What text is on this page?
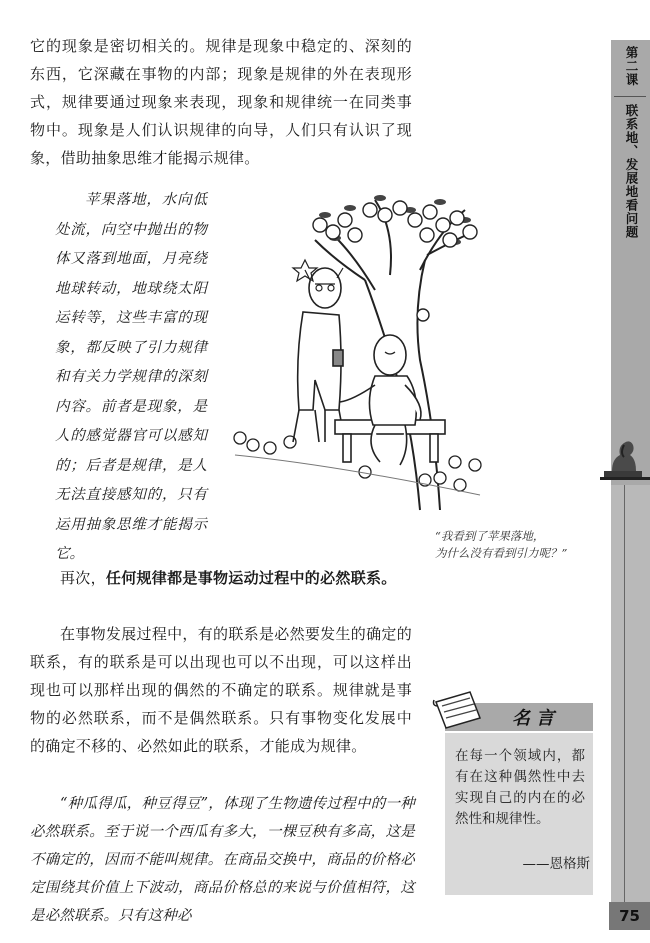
第二课
联系地、发展地看问题
75
它的现象是密切相关的。规律是现象中稳定的、深刻的东西，它深藏在事物的内部；现象是规律的外在表现形式，规律要通过现象来表现，现象和规律统一在同类事物中。现象是人们认识规律的向导，人们只有认识了现象，借助抽象思维才能揭示规律。
苹果落地，水向低处流，向空中抛出的物体又落到地面，月亮绕地球转动，地球绕太阳运转等，这些丰富的现象，都反映了引力规律和有关力学规律的深刻内容。前者是现象，是人的感觉器官可以感知的；后者是规律，是人无法直接感知的，只有运用抽象思维才能揭示它。
“我看到了苹果落地，
为什么没有看到引力呢？”
再次，任何规律都是事物运动过程中的必然联系。
在事物发展过程中，有的联系是必然要发生的确定的联系，有的联系是可以出现也可以不出现，可以这样出现也可以那样出现的偶然的不确定的联系。规律就是事物的必然联系，而不是偶然联系。只有事物变化发展中的确定不移的、必然如此的联系，才能成为规律。
“种瓜得瓜，种豆得豆”，体现了生物遗传过程中的一种必然联系。至于说一个西瓜有多大，一棵豆秧有多高，这是不确定的，因而不能叫规律。在商品交换中，商品的价格必定围绕其价值上下波动，商品价格总的来说与价值相符，这是必然联系。只有这种必
名言
在每一个领域内，都有在这种偶然性中去实现自己的内在的必然性和规律性。
——恩格斯
